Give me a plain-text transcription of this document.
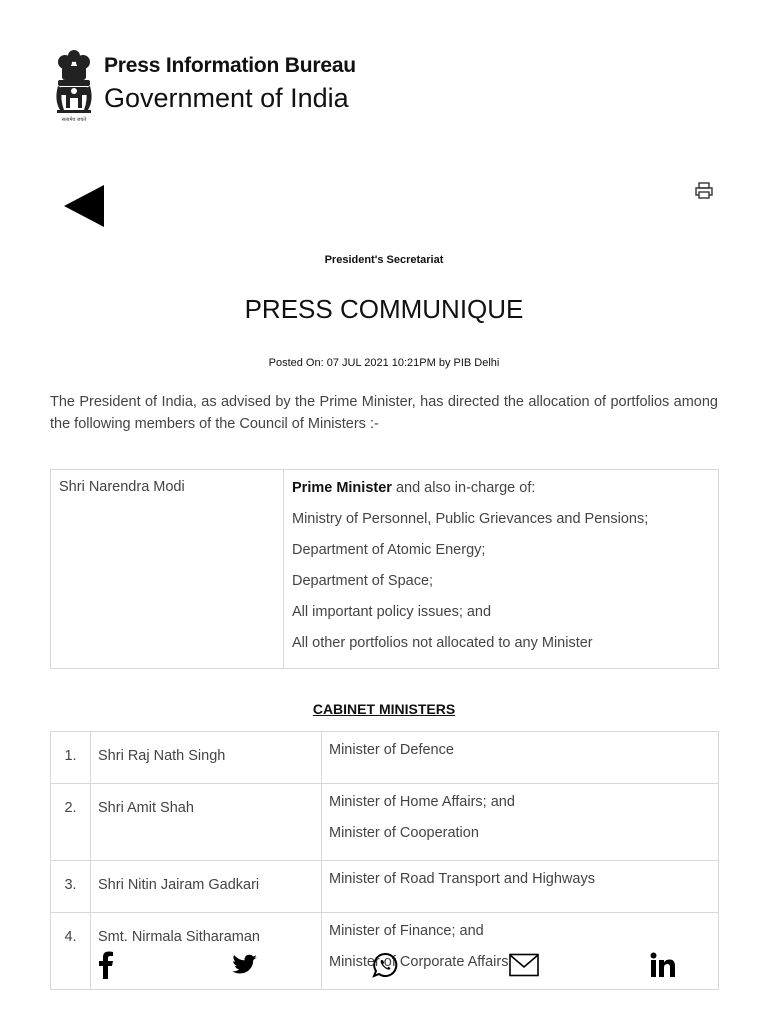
सत्यमेव जयते
Press Information Bureau
Government of India
President's Secretariat
PRESS COMMUNIQUE
Posted On: 07 JUL 2021 10:21PM by PIB Delhi
The President of India, as advised by the Prime Minister, has directed the allocation of portfolios among the following members of the Council of Ministers :-
Shri Narendra Modi	Prime Minister and also in-charge of:
Ministry of Personnel, Public Grievances and Pensions;
Department of Atomic Energy;
Department of Space;
All important policy issues; and
All other portfolios not allocated to any Minister
CABINET MINISTERS
1.	Shri Raj Nath Singh	Minister of Defence

2.	Shri Amit Shah	Minister of Home Affairs; and
Minister of Cooperation

3.	Shri Nitin Jairam Gadkari	Minister of Road Transport and Highways

4.	Smt. Nirmala Sitharaman	Minister of Finance; and
Minister of Corporate Affairs
